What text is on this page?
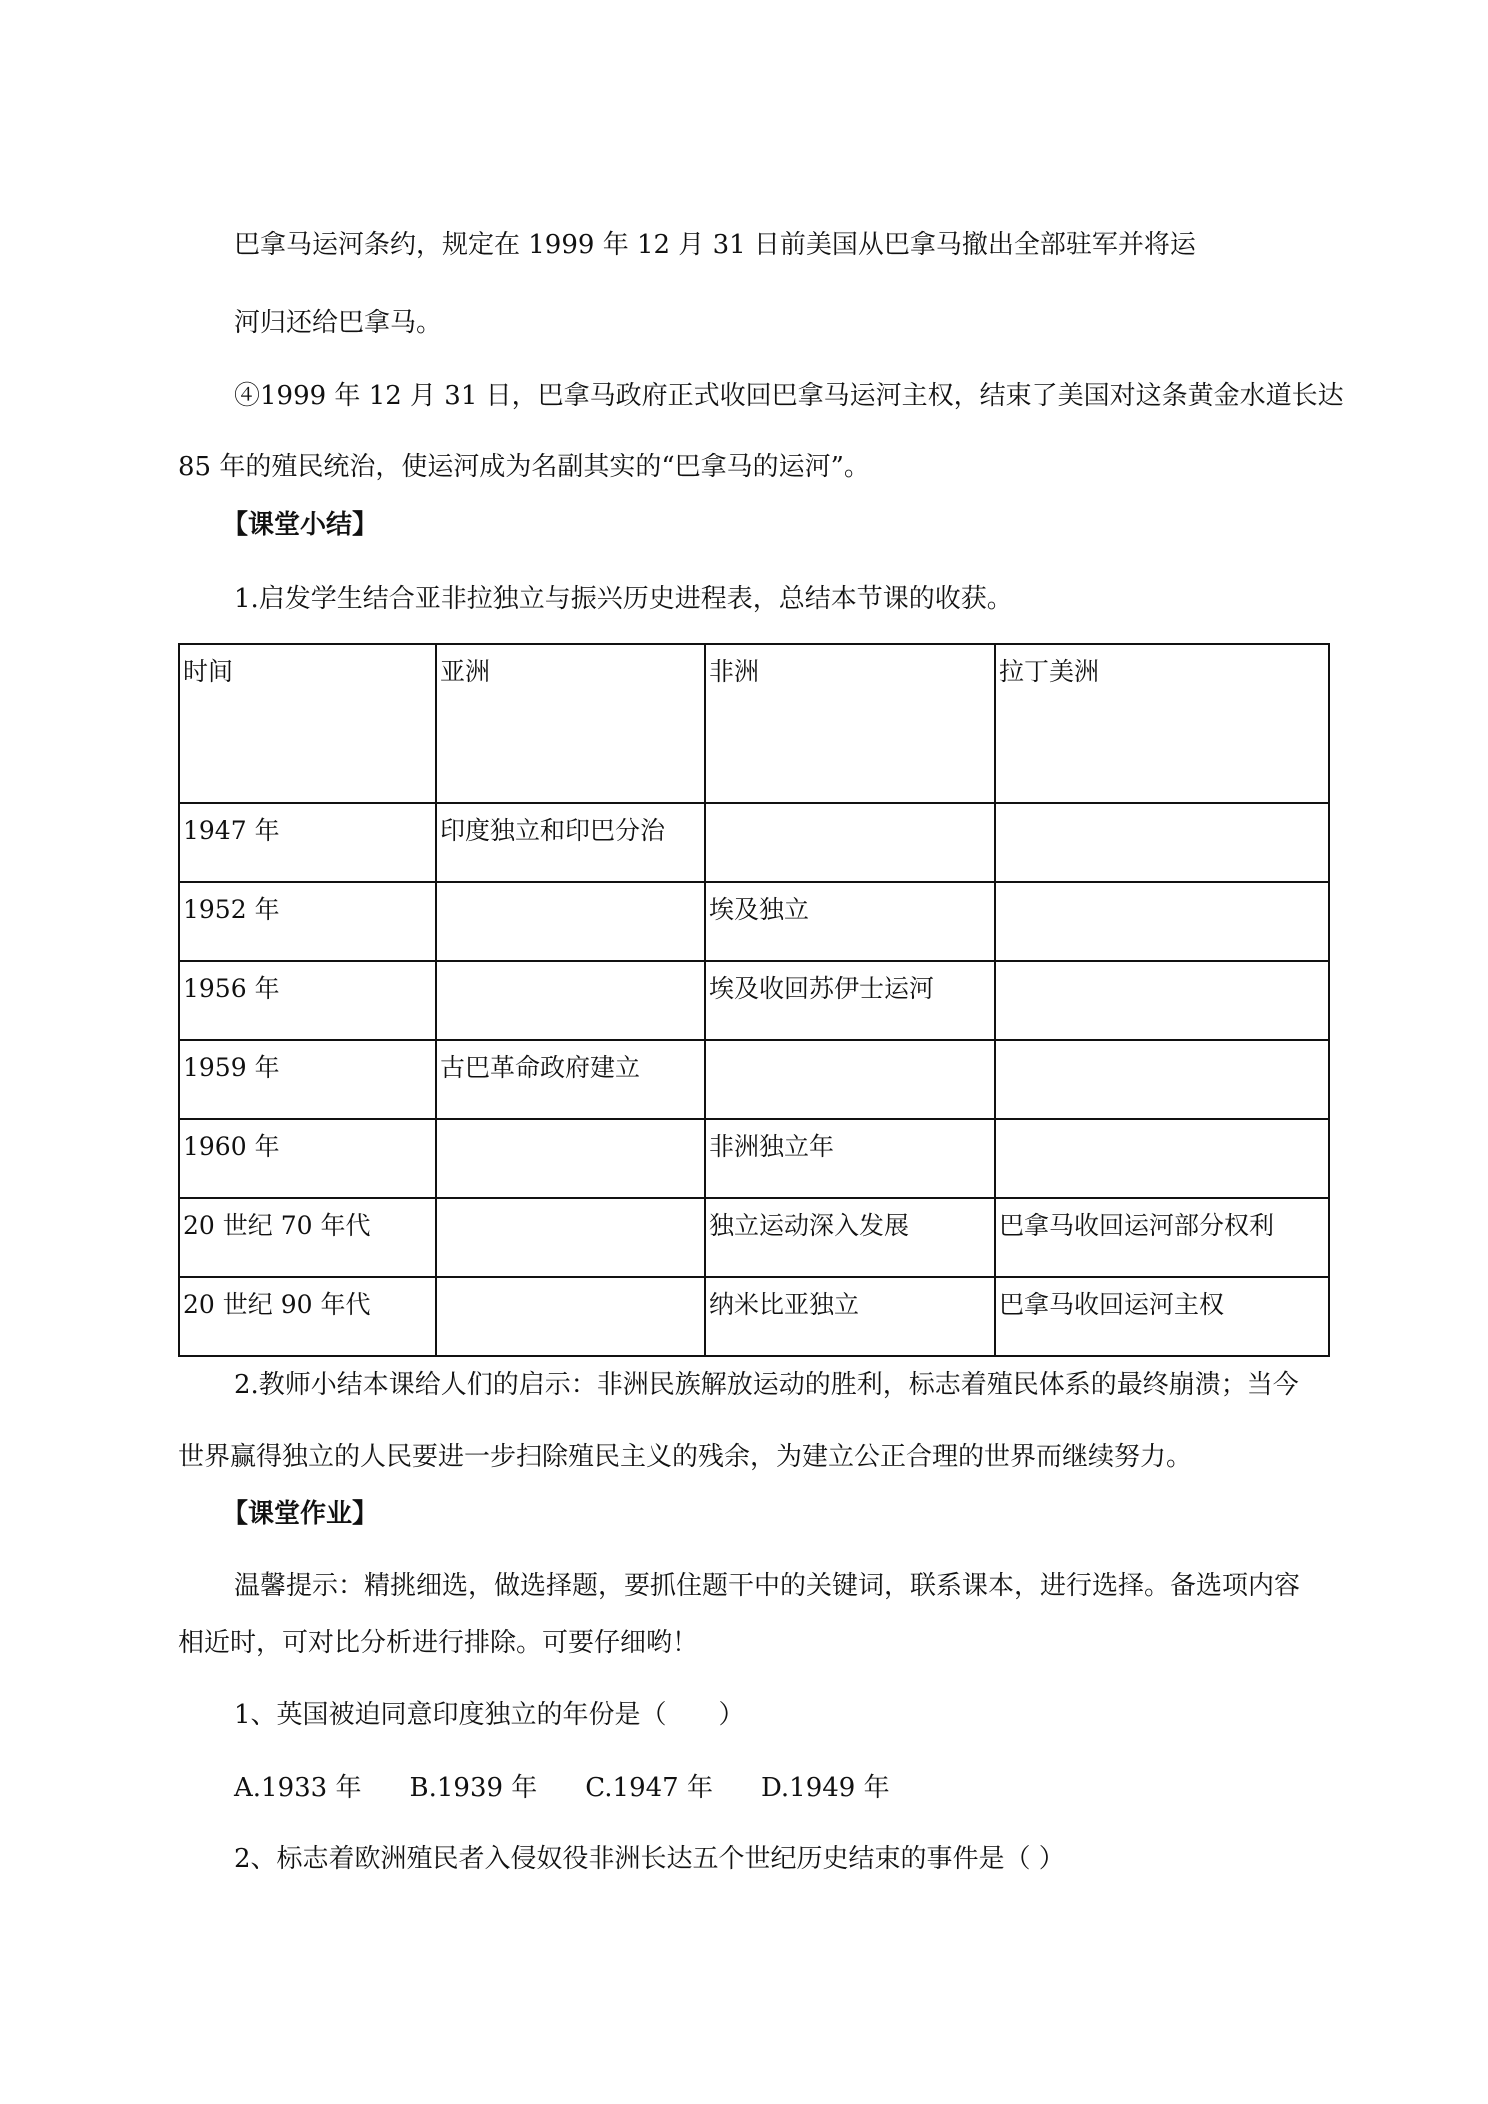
巴拿马运河条约，规定在 1999 年 12 月 31 日前美国从巴拿马撤出全部驻军并将运

河归还给巴拿马。

④1999 年 12 月 31 日，巴拿马政府正式收回巴拿马运河主权，结束了美国对这条黄金水道长达

85 年的殖民统治，使运河成为名副其实的“巴拿马的运河”。

【课堂小结】

1.启发学生结合亚非拉独立与振兴历史进程表，总结本节课的收获。

时间	亚洲	非洲	拉丁美洲
1947 年	印度独立和印巴分治		
1952 年		埃及独立	
1956 年		埃及收回苏伊士运河	
1959 年	古巴革命政府建立		
1960 年		非洲独立年	
20 世纪 70 年代		独立运动深入发展	巴拿马收回运河部分权利
20 世纪 90 年代		纳米比亚独立	巴拿马收回运河主权

2.教师小结本课给人们的启示：非洲民族解放运动的胜利，标志着殖民体系的最终崩溃；当今

世界赢得独立的人民要进一步扫除殖民主义的残余，为建立公正合理的世界而继续努力。

【课堂作业】

温馨提示：精挑细选，做选择题，要抓住题干中的关键词，联系课本，进行选择。备选项内容

相近时，可对比分析进行排除。可要仔细哟！

1、英国被迫同意印度独立的年份是（　　）

A.1933 年 B.1939 年 C.1947 年 D.1949 年

2、标志着欧洲殖民者入侵奴役非洲长达五个世纪历史结束的事件是（ ）
